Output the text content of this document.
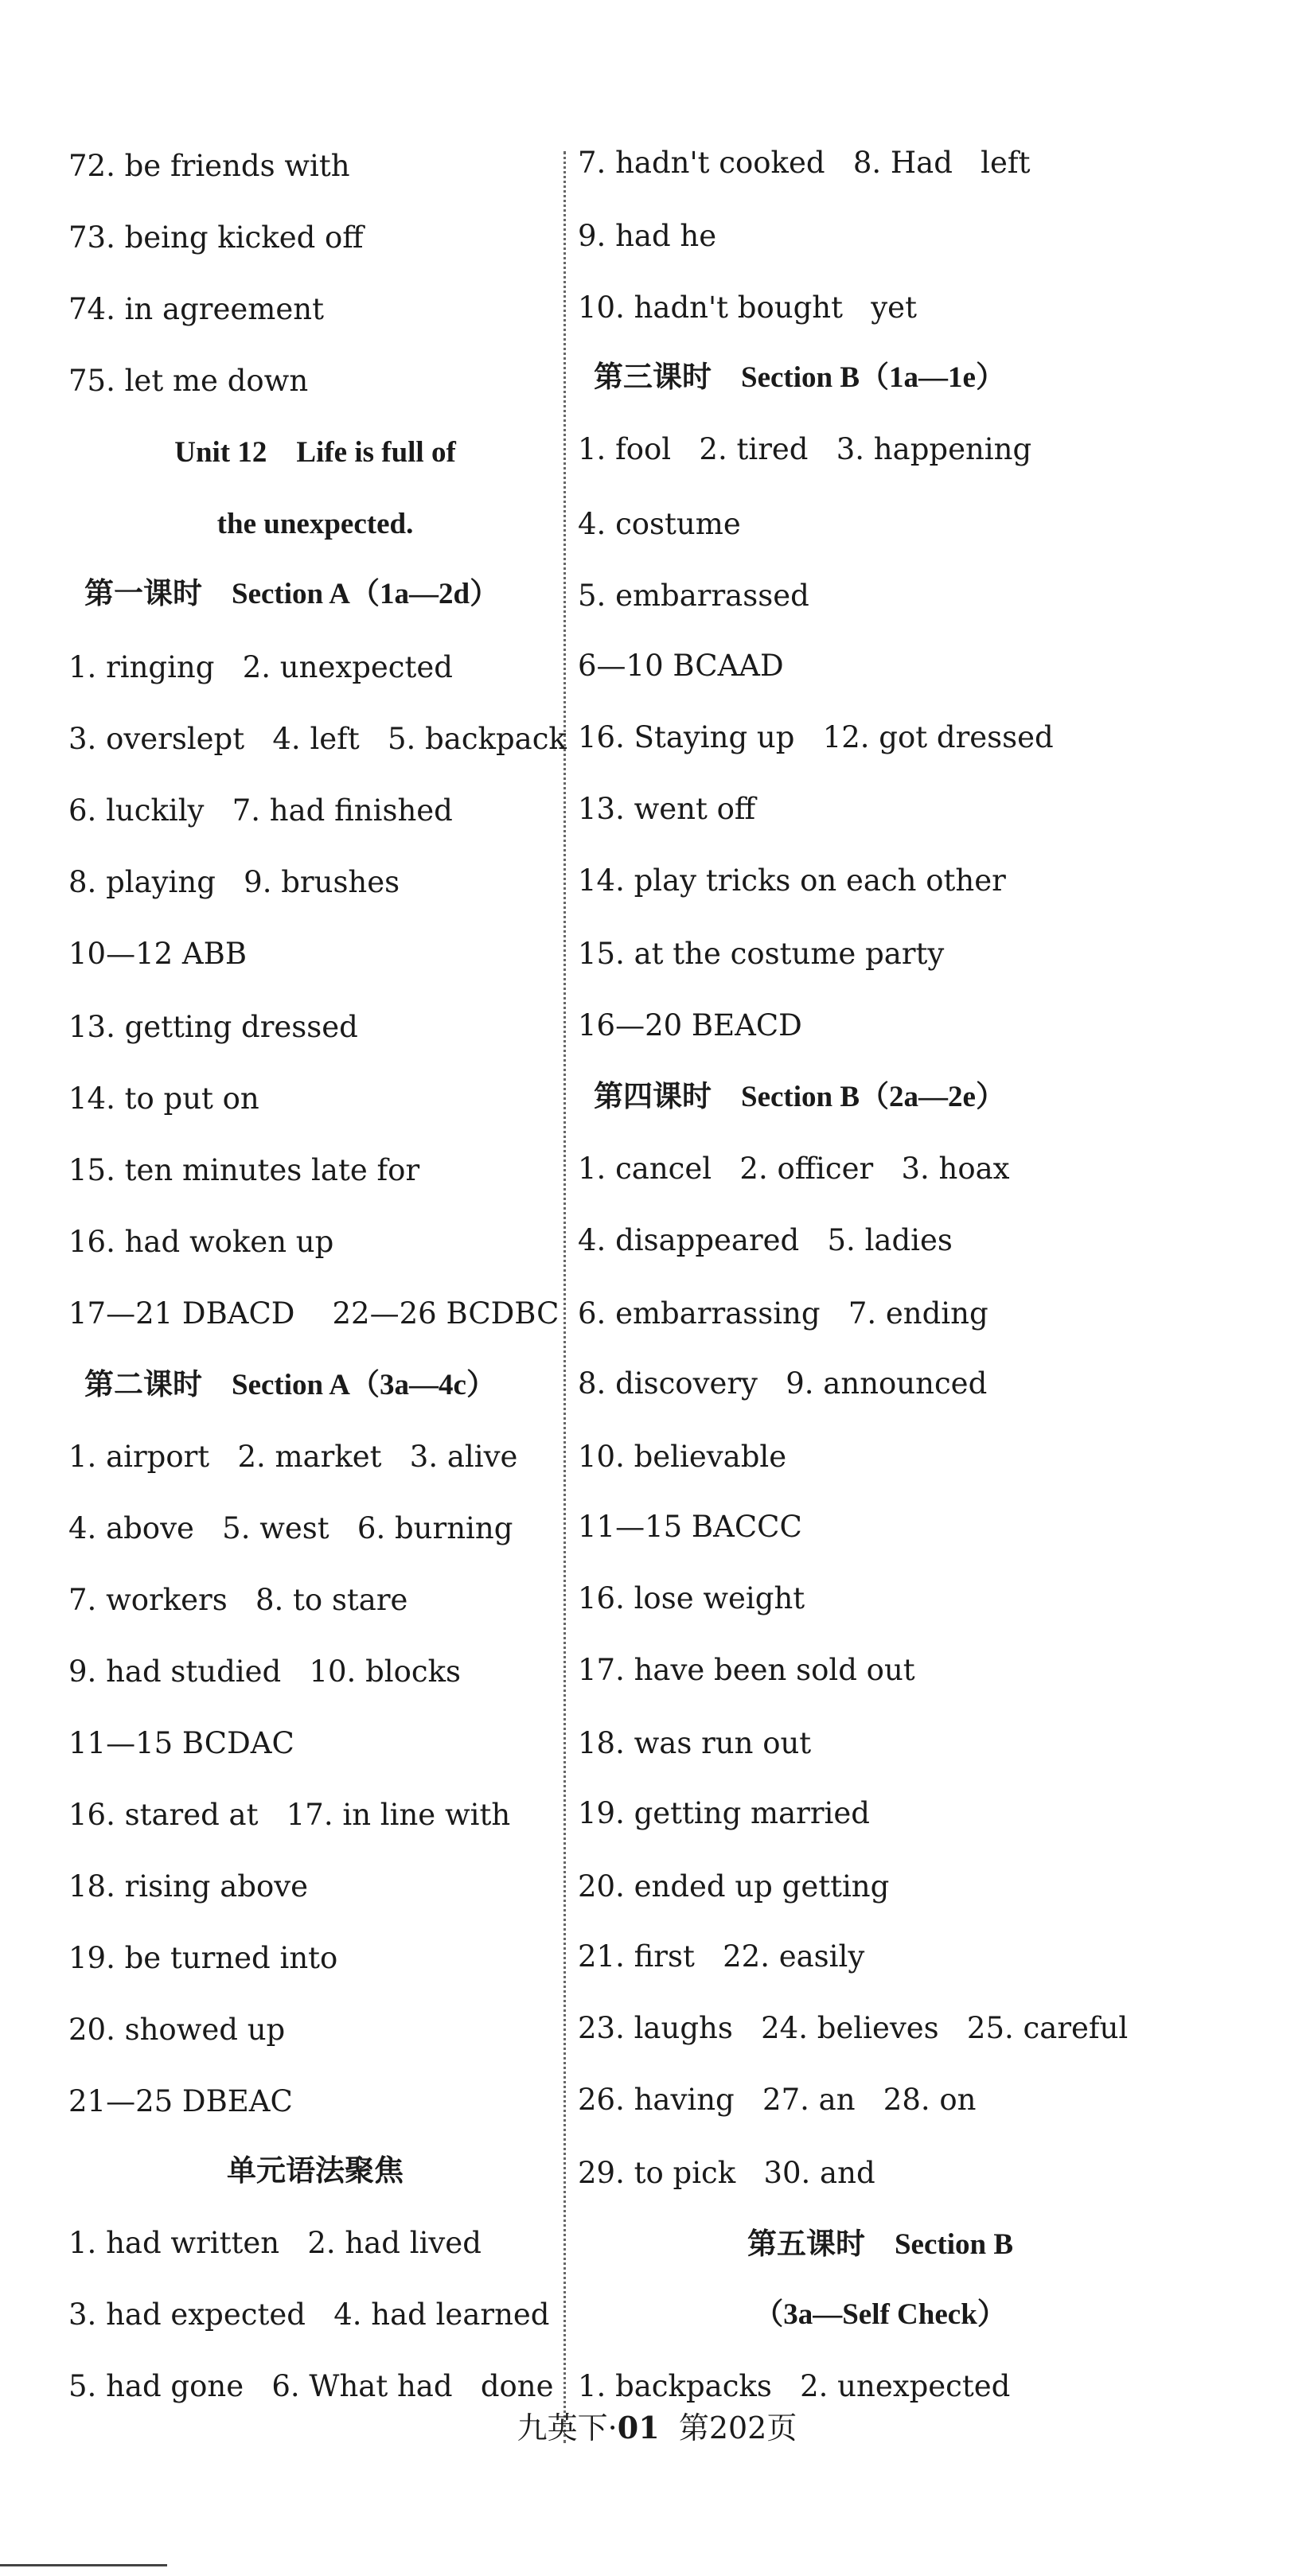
72. be friends with
73. being kicked off
74. in agreement
75. let me down
Unit 12    Life is full of
the unexpected.
第一课时    Section A（1a—2d）
1. ringing   2. unexpected
3. overslept   4. left   5. backpack
6. luckily   7. had finished
8. playing   9. brushes
10—12 ABB
13. getting dressed
14. to put on
15. ten minutes late for
16. had woken up
17—21 DBACD    22—26 BCDBC
第二课时    Section A（3a—4c）
1. airport   2. market   3. alive
4. above   5. west   6. burning
7. workers   8. to stare
9. had studied   10. blocks
11—15 BCDAC
16. stared at   17. in line with
18. rising above
19. be turned into
20. showed up
21—25 DBEAC
单元语法聚焦
1. had written   2. had lived
3. had expected   4. had learned
5. had gone   6. What had   done
7. hadn't cooked   8. Had   left
9. had he
10. hadn't bought   yet
第三课时    Section B（1a—1e）
1. fool   2. tired   3. happening
4. costume
5. embarrassed
6—10 BCAAD
16. Staying up   12. got dressed
13. went off
14. play tricks on each other
15. at the costume party
16—20 BEACD
第四课时    Section B（2a—2e）
1. cancel   2. officer   3. hoax
4. disappeared   5. ladies
6. embarrassing   7. ending
8. discovery   9. announced
10. believable
11—15 BACCC
16. lose weight
17. have been sold out
18. was run out
19. getting married
20. ended up getting
21. first   22. easily
23. laughs   24. believes   25. careful
26. having   27. an   28. on
29. to pick   30. and
第五课时    Section B
（3a—Self Check）
1. backpacks   2. unexpected
九英下·01 第202页
